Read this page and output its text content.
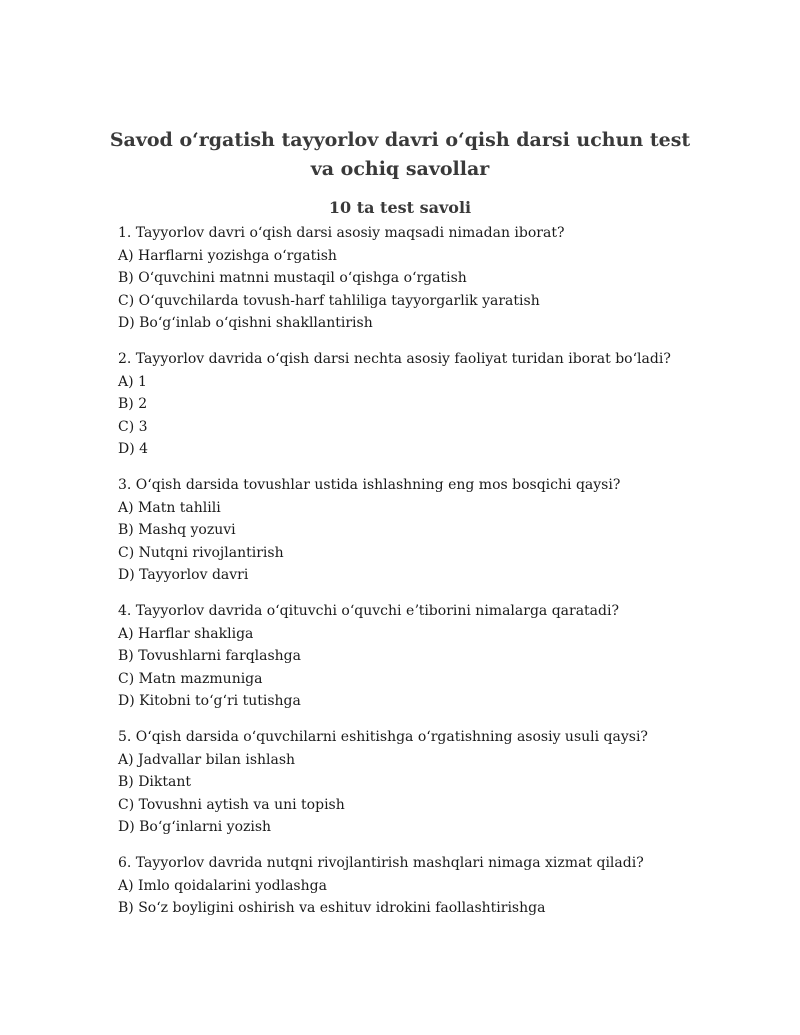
Savod oʻrgatish tayyorlov davri oʻqish darsi uchun test va ochiq savollar
10 ta test savoli
1. Tayyorlov davri oʻqish darsi asosiy maqsadi nimadan iborat?
A) Harflarni yozishga oʻrgatish
B) Oʻquvchini matnni mustaqil oʻqishga oʻrgatish
C) Oʻquvchilarda tovush-harf tahliliga tayyorgarlik yaratish
D) Boʻgʻinlab oʻqishni shakllantirish
2. Tayyorlov davrida oʻqish darsi nechta asosiy faoliyat turidan iborat boʻladi?
A) 1
B) 2
C) 3
D) 4
3. Oʻqish darsida tovushlar ustida ishlashning eng mos bosqichi qaysi?
A) Matn tahlili
B) Mashq yozuvi
C) Nutqni rivojlantirish
D) Tayyorlov davri
4. Tayyorlov davrida oʻqituvchi oʻquvchi eʼtiborini nimalarga qaratadi?
A) Harflar shakliga
B) Tovushlarni farqlashga
C) Matn mazmuniga
D) Kitobni toʻgʻri tutishga
5. Oʻqish darsida oʻquvchilarni eshitishga oʻrgatishning asosiy usuli qaysi?
A) Jadvallar bilan ishlash
B) Diktant
C) Tovushni aytish va uni topish
D) Boʻgʻinlarni yozish
6. Tayyorlov davrida nutqni rivojlantirish mashqlari nimaga xizmat qiladi?
A) Imlo qoidalarini yodlashga
B) Soʻz boyligini oshirish va eshituv idrokini faollashtirishga
